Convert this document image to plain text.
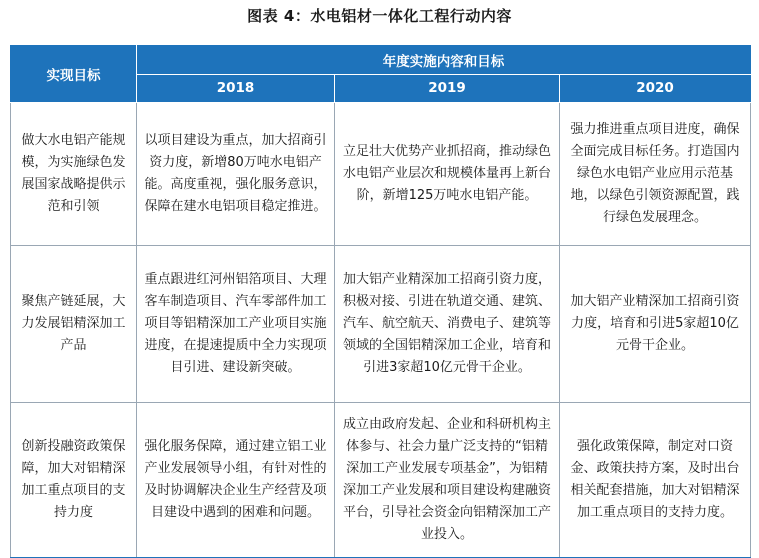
图表 4：水电铝材一体化工程行动内容
实现目标	年度实施内容和目标		
	2018	2019	2020
做大水电铝产能规模，为实施绿色发展国家战略提供示范和引领	以项目建设为重点，加大招商引资力度，新增80万吨水电铝产能。高度重视，强化服务意识，保障在建水电铝项目稳定推进。	立足壮大优势产业抓招商，推动绿色水电铝产业层次和规模体量再上新台阶，新增125万吨水电铝产能。	强力推进重点项目进度，确保全面完成目标任务。打造国内绿色水电铝产业应用示范基地，以绿色引领资源配置，践行绿色发展理念。
聚焦产链延展，大力发展铝精深加工产品	重点跟进红河州铝箔项目、大理客车制造项目、汽车零部件加工项目等铝精深加工产业项目实施进度，在提速提质中全力实现项目引进、建设新突破。	加大铝产业精深加工招商引资力度，积极对接、引进在轨道交通、建筑、汽车、航空航天、消费电子、建筑等领域的全国铝精深加工企业，培育和引进3家超10亿元骨干企业。	加大铝产业精深加工招商引资力度，培育和引进5家超10亿元骨干企业。
创新投融资政策保障，加大对铝精深加工重点项目的支持力度	强化服务保障，通过建立铝工业产业发展领导小组，有针对性的及时协调解决企业生产经营及项目建设中遇到的困难和问题。	成立由政府发起、企业和科研机构主体参与、社会力量广泛支持的“铝精深加工产业发展专项基金”，为铝精深加工产业发展和项目建设构建融资平台，引导社会资金向铝精深加工产业投入。	强化政策保障，制定对口资金、政策扶持方案，及时出台相关配套措施，加大对铝精深加工重点项目的支持力度。
